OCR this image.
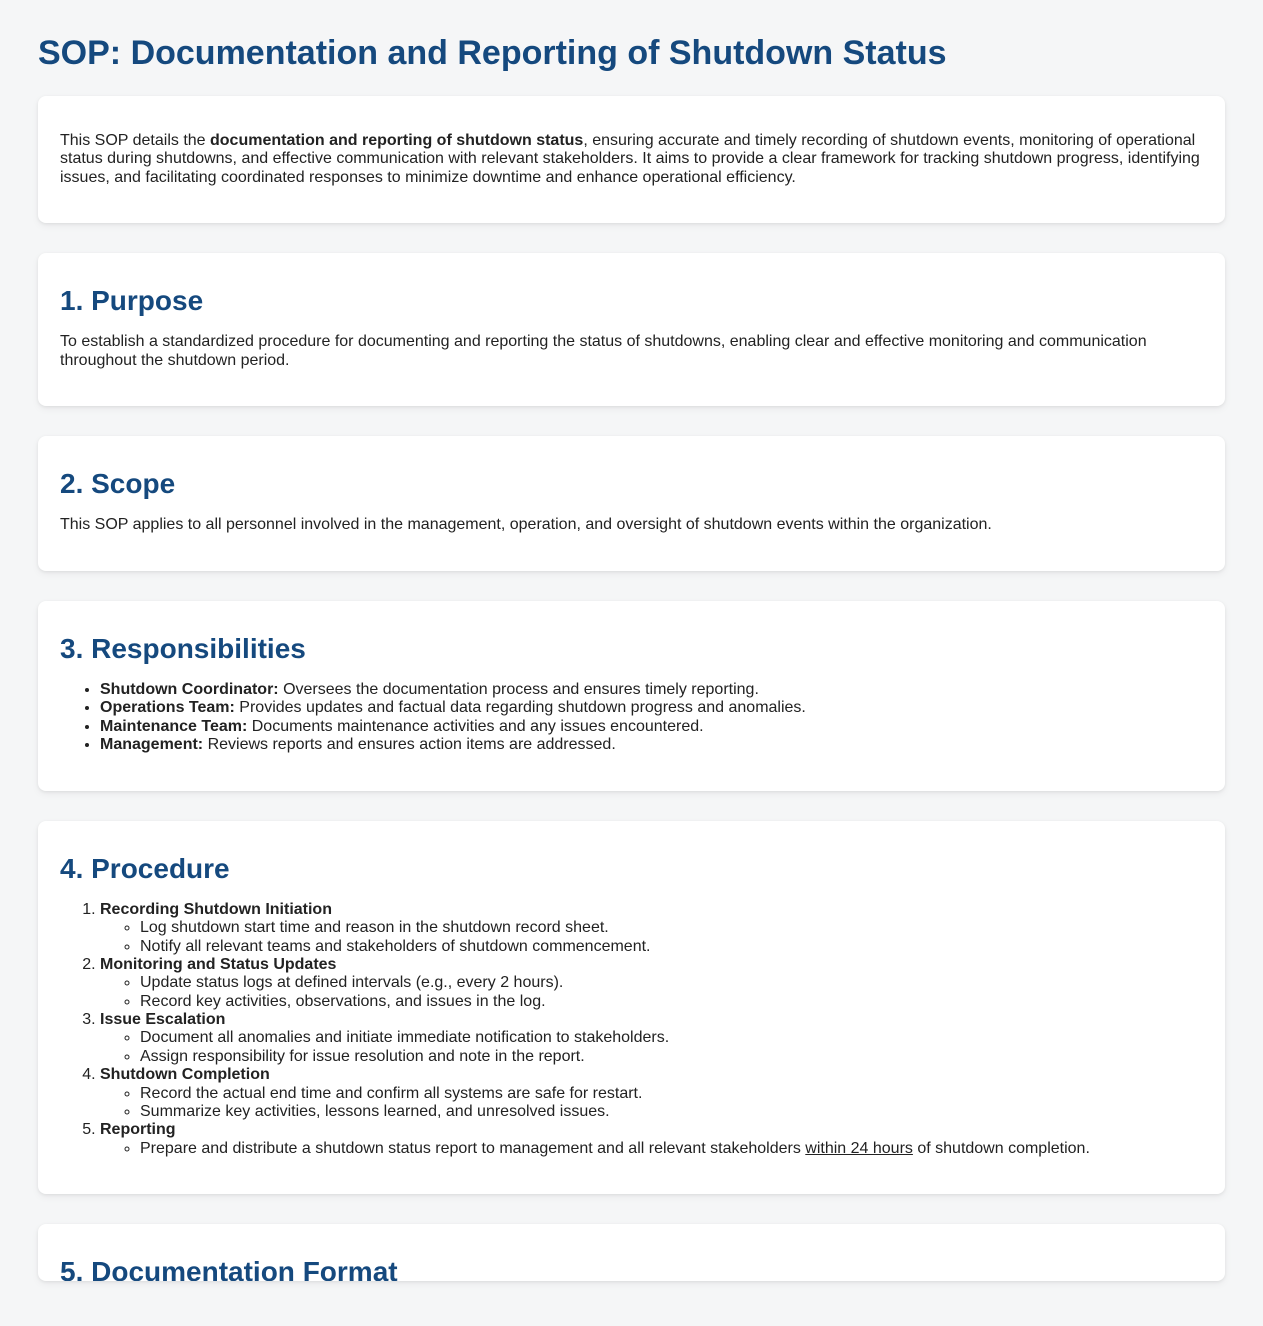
SOP: Documentation and Reporting of Shutdown Status

This SOP details the documentation and reporting of shutdown status, ensuring accurate and timely recording of shutdown events, monitoring of operational status during shutdowns, and effective communication with relevant stakeholders. It aims to provide a clear framework for tracking shutdown progress, identifying issues, and facilitating coordinated responses to minimize downtime and enhance operational efficiency.

1. Purpose

To establish a standardized procedure for documenting and reporting the status of shutdowns, enabling clear and effective monitoring and communication throughout the shutdown period.

2. Scope

This SOP applies to all personnel involved in the management, operation, and oversight of shutdown events within the organization.

3. Responsibilities
• Shutdown Coordinator: Oversees the documentation process and ensures timely reporting.
• Operations Team: Provides updates and factual data regarding shutdown progress and anomalies.
• Maintenance Team: Documents maintenance activities and any issues encountered.
• Management: Reviews reports and ensures action items are addressed.
4. Procedure
1. Recording Shutdown Initiation
◦ Log shutdown start time and reason in the shutdown record sheet.
◦ Notify all relevant teams and stakeholders of shutdown commencement.
2. Monitoring and Status Updates
◦ Update status logs at defined intervals (e.g., every 2 hours).
◦ Record key activities, observations, and issues in the log.
3. Issue Escalation
◦ Document all anomalies and initiate immediate notification to stakeholders.
◦ Assign responsibility for issue resolution and note in the report.
4. Shutdown Completion
◦ Record the actual end time and confirm all systems are safe for restart.
◦ Summarize key activities, lessons learned, and unresolved issues.
5. Reporting
◦ Prepare and distribute a shutdown status report to management and all relevant stakeholders within 24 hours of shutdown completion.
5. Documentation Format
